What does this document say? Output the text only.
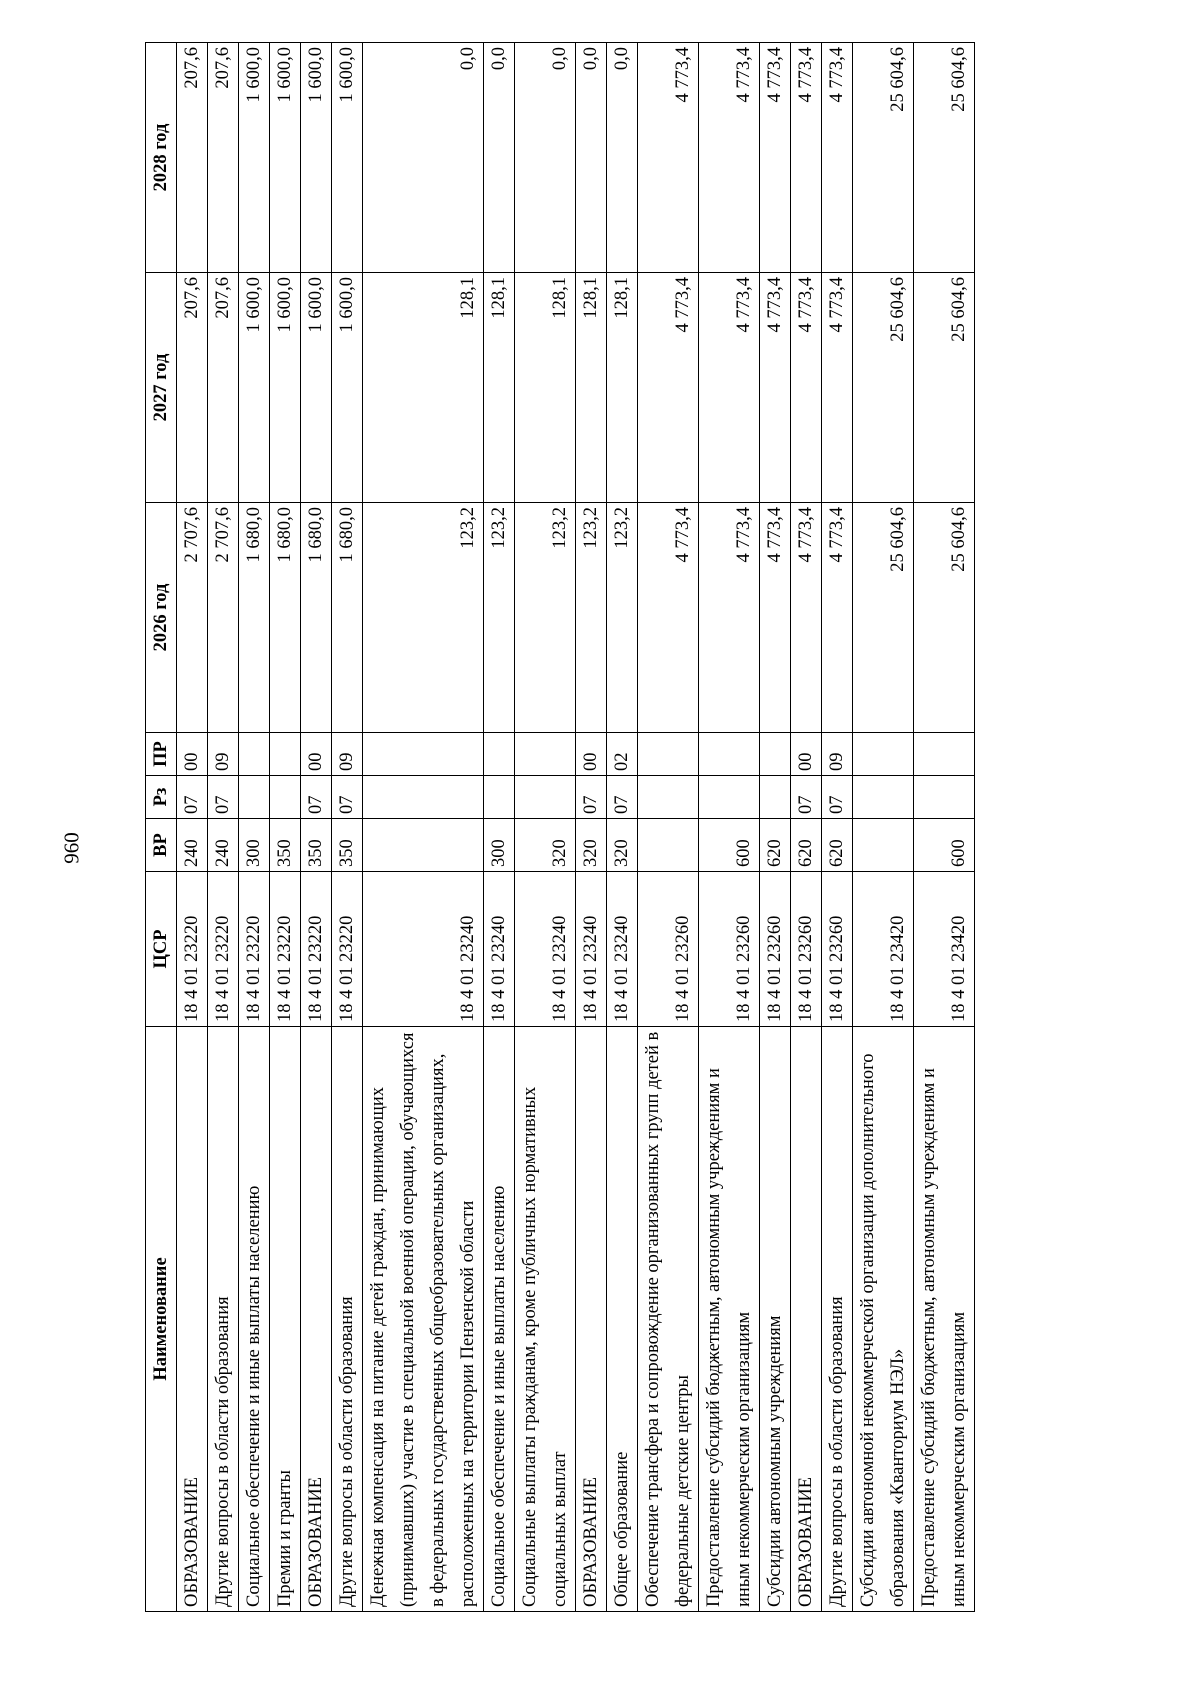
960
Наименование	ЦСР	ВР	Рз	ПР	2026 год	2027 год	2028 год
ОБРАЗОВАНИЕ	18 4 01 23220	240	07	00	2 707,6	207,6	207,6
Другие вопросы в области образования	18 4 01 23220	240	07	09	2 707,6	207,6	207,6
Социальное обеспечение и иные выплаты населению	18 4 01 23220	300			1 680,0	1 600,0	1 600,0
Премии и гранты	18 4 01 23220	350			1 680,0	1 600,0	1 600,0
ОБРАЗОВАНИЕ	18 4 01 23220	350	07	00	1 680,0	1 600,0	1 600,0
Другие вопросы в области образования	18 4 01 23220	350	07	09	1 680,0	1 600,0	1 600,0
Денежная компенсация на питание детей граждан, принимающих (принимавших) участие в специальной военной операции, обучающихся в федеральных государственных общеобразовательных организациях, расположенных на территории Пензенской области	18 4 01 23240				123,2	128,1	0,0
Социальное обеспечение и иные выплаты населению	18 4 01 23240	300			123,2	128,1	0,0
Социальные выплаты гражданам, кроме публичных нормативных социальных выплат	18 4 01 23240	320			123,2	128,1	0,0
ОБРАЗОВАНИЕ	18 4 01 23240	320	07	00	123,2	128,1	0,0
Общее образование	18 4 01 23240	320	07	02	123,2	128,1	0,0
Обеспечение трансфера и сопровождение организованных групп детей в федеральные детские центры	18 4 01 23260				4 773,4	4 773,4	4 773,4
Предоставление субсидий бюджетным, автономным учреждениям и иным некоммерческим организациям	18 4 01 23260	600			4 773,4	4 773,4	4 773,4
Субсидии автономным учреждениям	18 4 01 23260	620			4 773,4	4 773,4	4 773,4
ОБРАЗОВАНИЕ	18 4 01 23260	620	07	00	4 773,4	4 773,4	4 773,4
Другие вопросы в области образования	18 4 01 23260	620	07	09	4 773,4	4 773,4	4 773,4
Субсидии автономной некоммерческой организации дополнительного образования «Кванториум НЭЛ»	18 4 01 23420				25 604,6	25 604,6	25 604,6
Предоставление субсидий бюджетным, автономным учреждениям и иным некоммерческим организациям	18 4 01 23420	600			25 604,6	25 604,6	25 604,6
